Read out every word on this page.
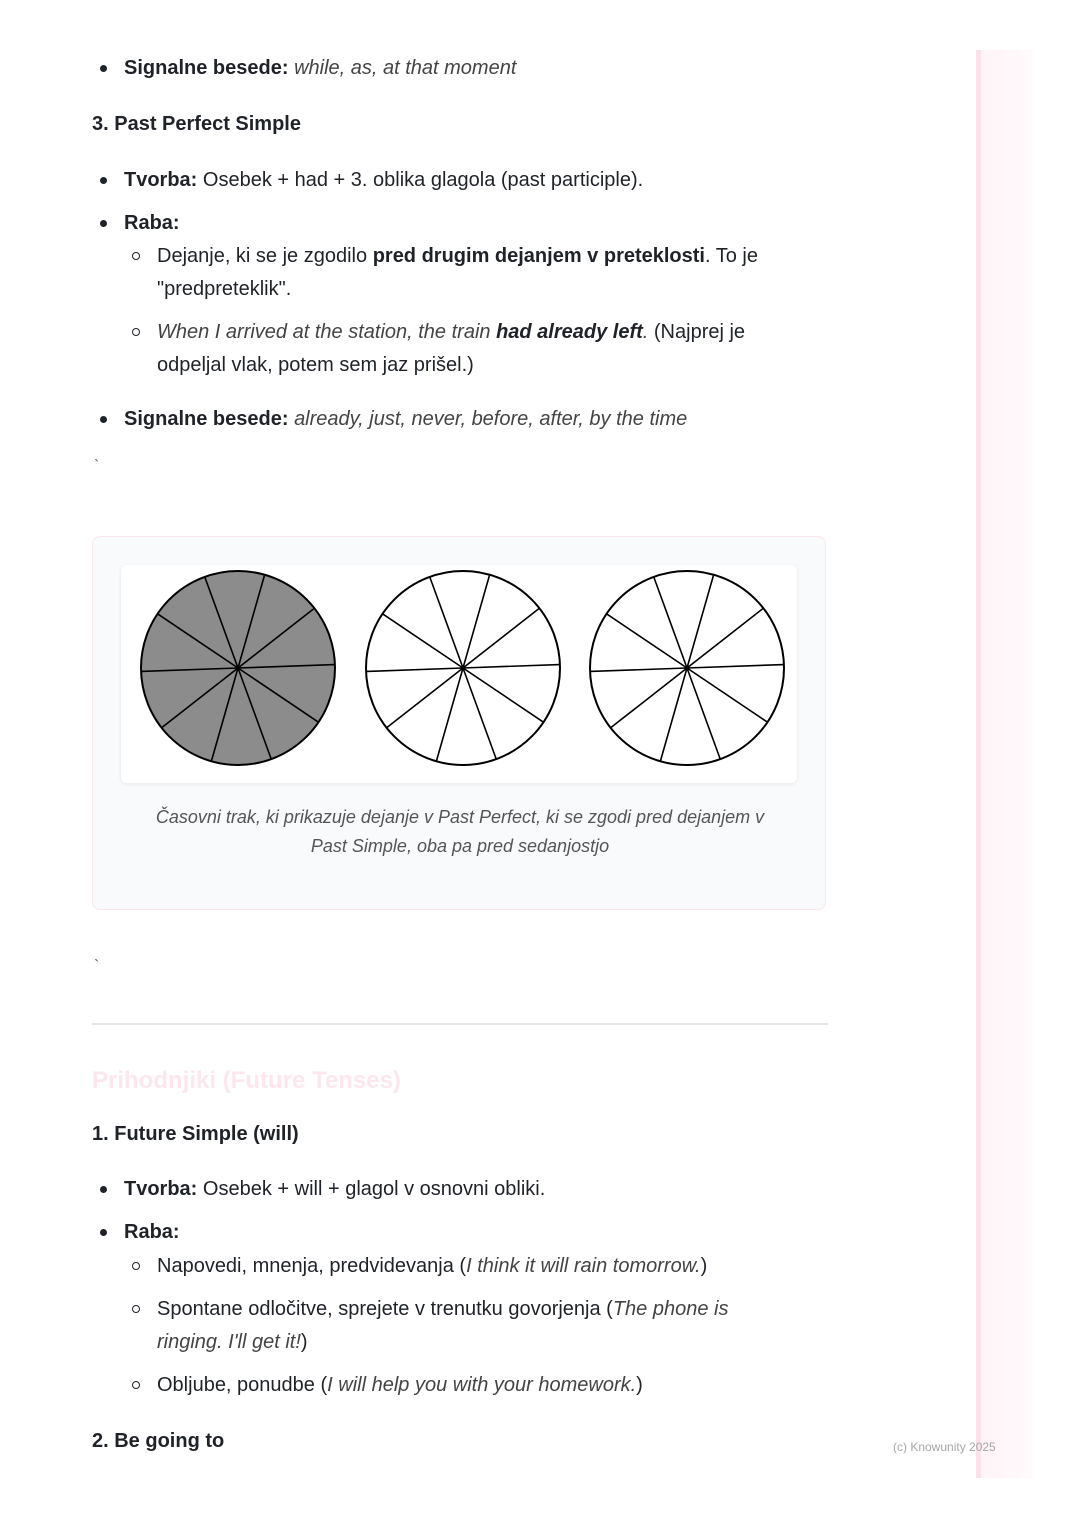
Signalne besede: while, as, at that moment
3. Past Perfect Simple
Tvorba: Osebek + had + 3. oblika glagola (past participle).
Raba:
Dejanje, ki se je zgodilo pred drugim dejanjem v preteklosti. To je
"predpreteklik".
When I arrived at the station, the train had already left. (Najprej je
odpeljal vlak, potem sem jaz prišel.)
Signalne besede: already, just, never, before, after, by the time
`
Časovni trak, ki prikazuje dejanje v Past Perfect, ki se zgodi pred dejanjem v
Past Simple, oba pa pred sedanjostjo
`
Prihodnjiki (Future Tenses)
1. Future Simple (will)
Tvorba: Osebek + will + glagol v osnovni obliki.
Raba:
Napovedi, mnenja, predvidevanja (I think it will rain tomorrow.)
Spontane odločitve, sprejete v trenutku govorjenja (The phone is
ringing. I'll get it!)
Obljube, ponudbe (I will help you with your homework.)
2. Be going to	(c) Knowunity 2025
